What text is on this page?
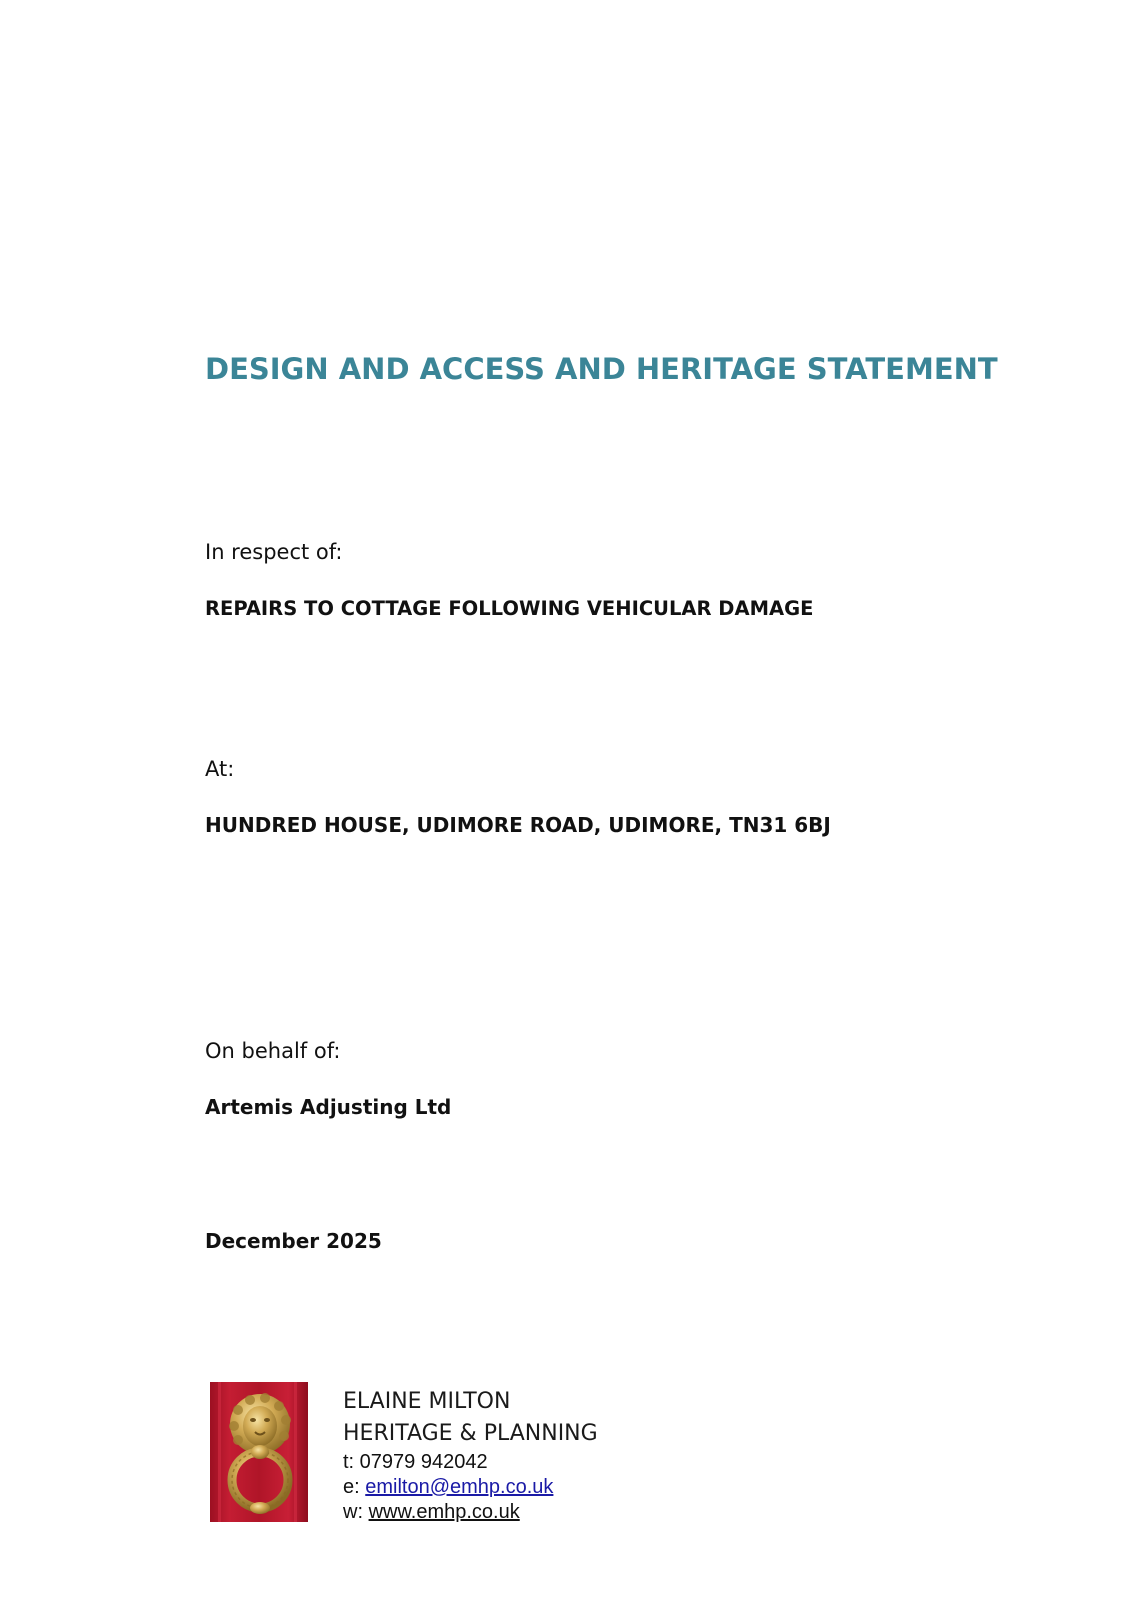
DESIGN AND ACCESS AND HERITAGE STATEMENT

In respect of:

REPAIRS TO COTTAGE FOLLOWING VEHICULAR DAMAGE

At:

HUNDRED HOUSE, UDIMORE ROAD, UDIMORE, TN31 6BJ

On behalf of:

Artemis Adjusting Ltd

December 2025

ELAINE MILTON
HERITAGE & PLANNING
t: 07979 942042
e: emilton@emhp.co.uk
w: www.emhp.co.uk
